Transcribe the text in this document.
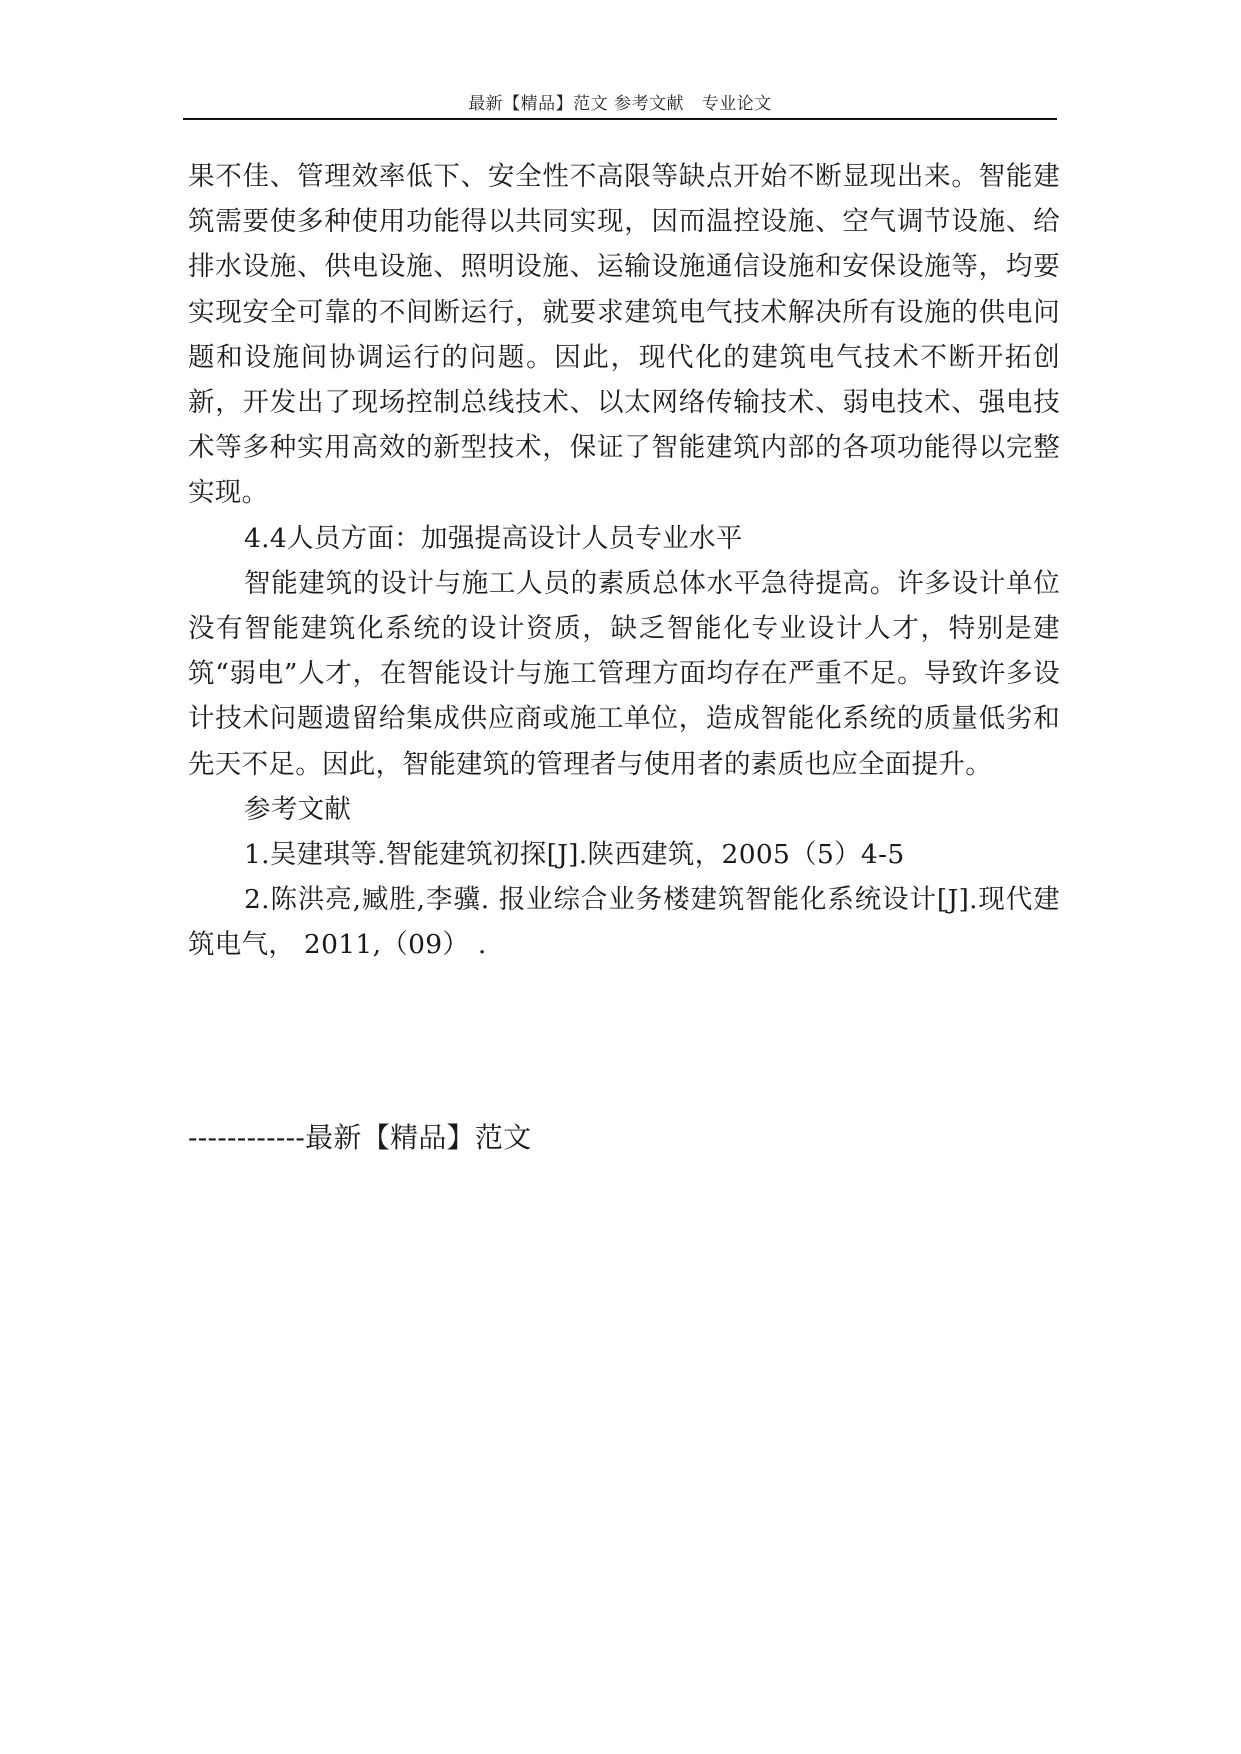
最新【精品】范文 参考文献   专业论文

果不佳、管理效率低下、安全性不高限等缺点开始不断显现出来。智能建筑需要使多种使用功能得以共同实现，因而温控设施、空气调节设施、给排水设施、供电设施、照明设施、运输设施通信设施和安保设施等，均要实现安全可靠的不间断运行，就要求建筑电气技术解决所有设施的供电问题和设施间协调运行的问题。因此，现代化的建筑电气技术不断开拓创新，开发出了现场控制总线技术、以太网络传输技术、弱电技术、强电技术等多种实用高效的新型技术，保证了智能建筑内部的各项功能得以完整实现。

4.4人员方面：加强提高设计人员专业水平

智能建筑的设计与施工人员的素质总体水平急待提高。许多设计单位没有智能建筑化系统的设计资质，缺乏智能化专业设计人才，特别是建筑“弱电”人才，在智能设计与施工管理方面均存在严重不足。导致许多设计技术问题遗留给集成供应商或施工单位，造成智能化系统的质量低劣和先天不足。因此，智能建筑的管理者与使用者的素质也应全面提升。

参考文献

1.吴建琪等.智能建筑初探[J].陕西建筑，2005（5）4-5

2.陈洪亮,臧胜,李骥. 报业综合业务楼建筑智能化系统设计[J].现代建筑电气， 2011,（09） .

------------最新【精品】范文
